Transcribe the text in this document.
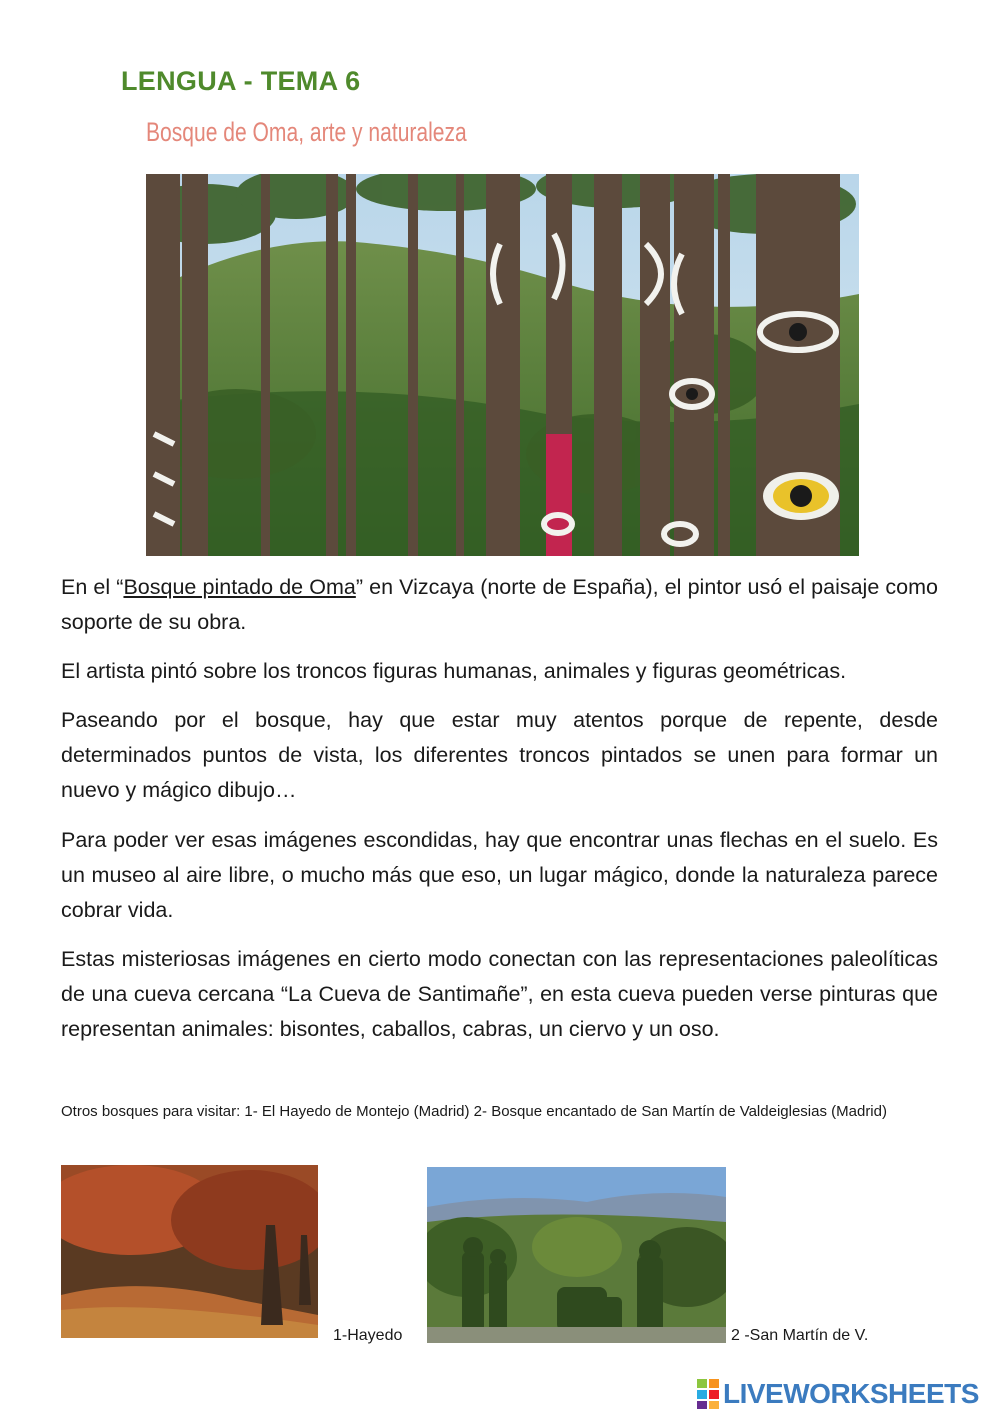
LENGUA - TEMA 6
Bosque de Oma, arte y naturaleza

En el “Bosque pintado de Oma” en Vizcaya (norte de España), el pintor usó el paisaje como soporte de su obra.

El artista pintó sobre los troncos figuras humanas, animales y figuras geométricas.

Paseando por el bosque, hay que estar muy atentos porque de repente, desde determinados puntos de vista, los diferentes troncos pintados se unen para formar un nuevo y mágico dibujo…

Para poder ver esas imágenes escondidas, hay que encontrar unas flechas en el suelo. Es un museo al aire libre, o mucho más que eso, un lugar mágico, donde la naturaleza parece cobrar vida.

Estas misteriosas imágenes en cierto modo conectan con las representaciones paleolíticas de una cueva cercana “La Cueva de Santimañe”, en esta cueva pueden verse pinturas que representan animales: bisontes, caballos, cabras, un ciervo y un oso.

Otros bosques para visitar: 1- El Hayedo de Montejo (Madrid) 2- Bosque encantado de San Martín de Valdeiglesias (Madrid)

1-Hayedo	2 -San Martín de V.
LIVEWORKSHEETS
